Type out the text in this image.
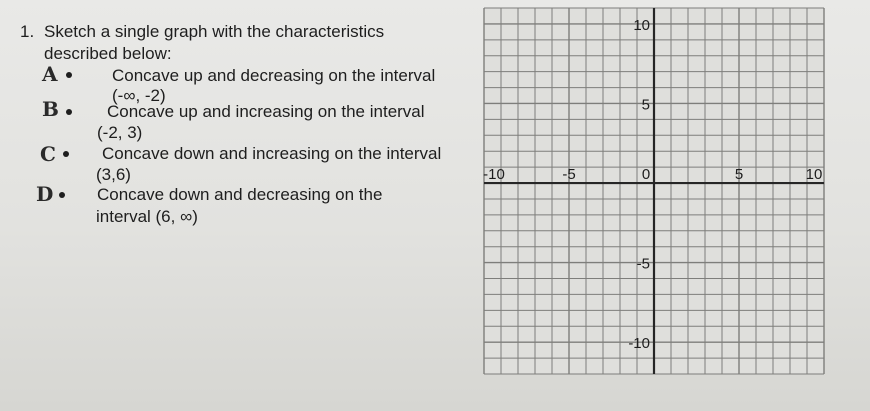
1. Sketch a single graph with the characteristics
described below:
A	Concave up and decreasing on the interval
(-∞, -2)
B	Concave up and increasing on the interval
(-2, 3)
C	Concave down and increasing on the interval
(3,6)
D	Concave down and decreasing on the
interval (6, ∞)
10
5
-5
-10
-10	-5	0	5	10
